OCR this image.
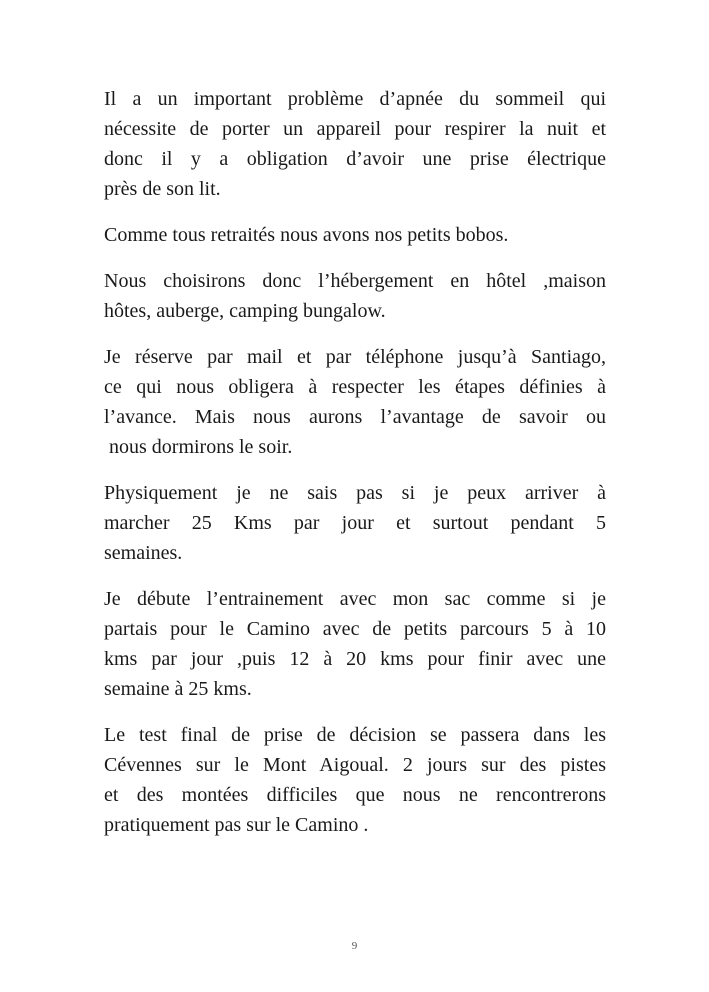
Il a un important problème d’apnée du sommeil qui
nécessite de porter un appareil pour respirer la nuit et
donc il y a obligation d’avoir une prise électrique
près de son lit.

Comme tous retraités nous avons nos petits bobos.

Nous choisirons donc l’hébergement en hôtel ,maison
hôtes, auberge, camping bungalow.

Je réserve par mail et par téléphone jusqu’à Santiago,
ce qui nous obligera à respecter les étapes définies à
l’avance. Mais nous aurons l’avantage de savoir ou
nous dormirons le soir.

Physiquement je ne sais pas si je peux arriver à
marcher 25 Kms par jour et surtout pendant 5
semaines.

Je débute l’entrainement avec mon sac comme si je
partais pour le Camino avec de petits parcours 5 à 10
kms par jour ,puis 12 à 20 kms pour finir avec une
semaine à 25 kms.

Le test final de prise de décision se passera dans les
Cévennes sur le Mont Aigoual. 2 jours sur des pistes
et des montées difficiles que nous ne rencontrerons
pratiquement pas sur le Camino .

9
